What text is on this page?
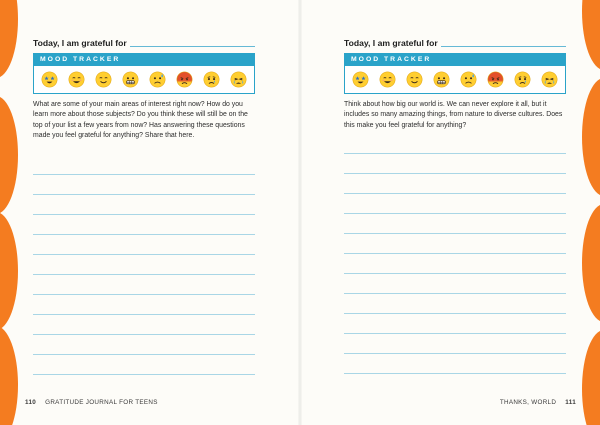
Today, I am grateful for
MOOD TRACKER

What are some of your main areas of interest right now? How do you learn more about those subjects? Do you think these will still be on the top of your list a few years from now? Has answering these questions made you feel grateful for anything? Share that here.

110 GRATITUDE JOURNAL FOR TEENS
Today, I am grateful for
MOOD TRACKER

Think about how big our world is. We can never explore it all, but it includes so many amazing things, from nature to diverse cultures. Does this make you feel grateful for anything?

THANKS, WORLD 111
